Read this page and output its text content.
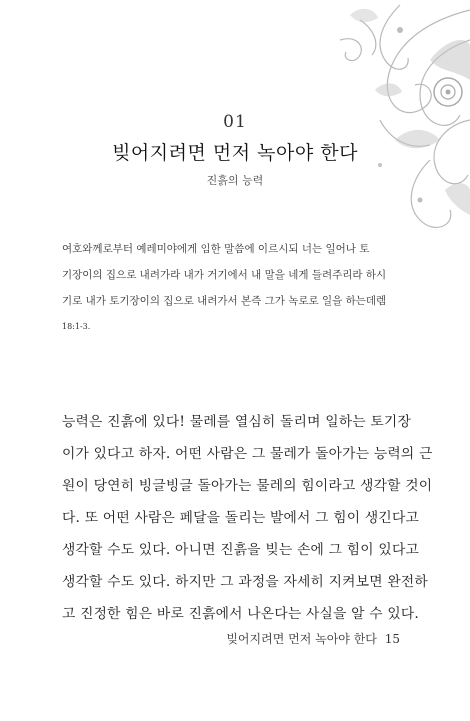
01
빚어지려면 먼저 녹아야 한다
진흙의 능력

여호와께로부터 예레미야에게 임한 말씀에 이르시되 너는 일어나 토

기장이의 집으로 내려가라 내가 거기에서 내 말을 네게 들려주리라 하시

기로 내가 토기장이의 집으로 내려가서 본즉 그가 녹로로 일을 하는데렘

18:1-3.

능력은 진흙에 있다! 물레를 열심히 돌리며 일하는 토기장

이가 있다고 하자. 어떤 사람은 그 물레가 돌아가는 능력의 근

원이 당연히 빙글빙글 돌아가는 물레의 힘이라고 생각할 것이

다. 또 어떤 사람은 페달을 돌리는 발에서 그 힘이 생긴다고

생각할 수도 있다. 아니면 진흙을 빚는 손에 그 힘이 있다고

생각할 수도 있다. 하지만 그 과정을 자세히 지켜보면 완전하

고 진정한 힘은 바로 진흙에서 나온다는 사실을 알 수 있다.

빚어지려면 먼저 녹아야 한다 15
